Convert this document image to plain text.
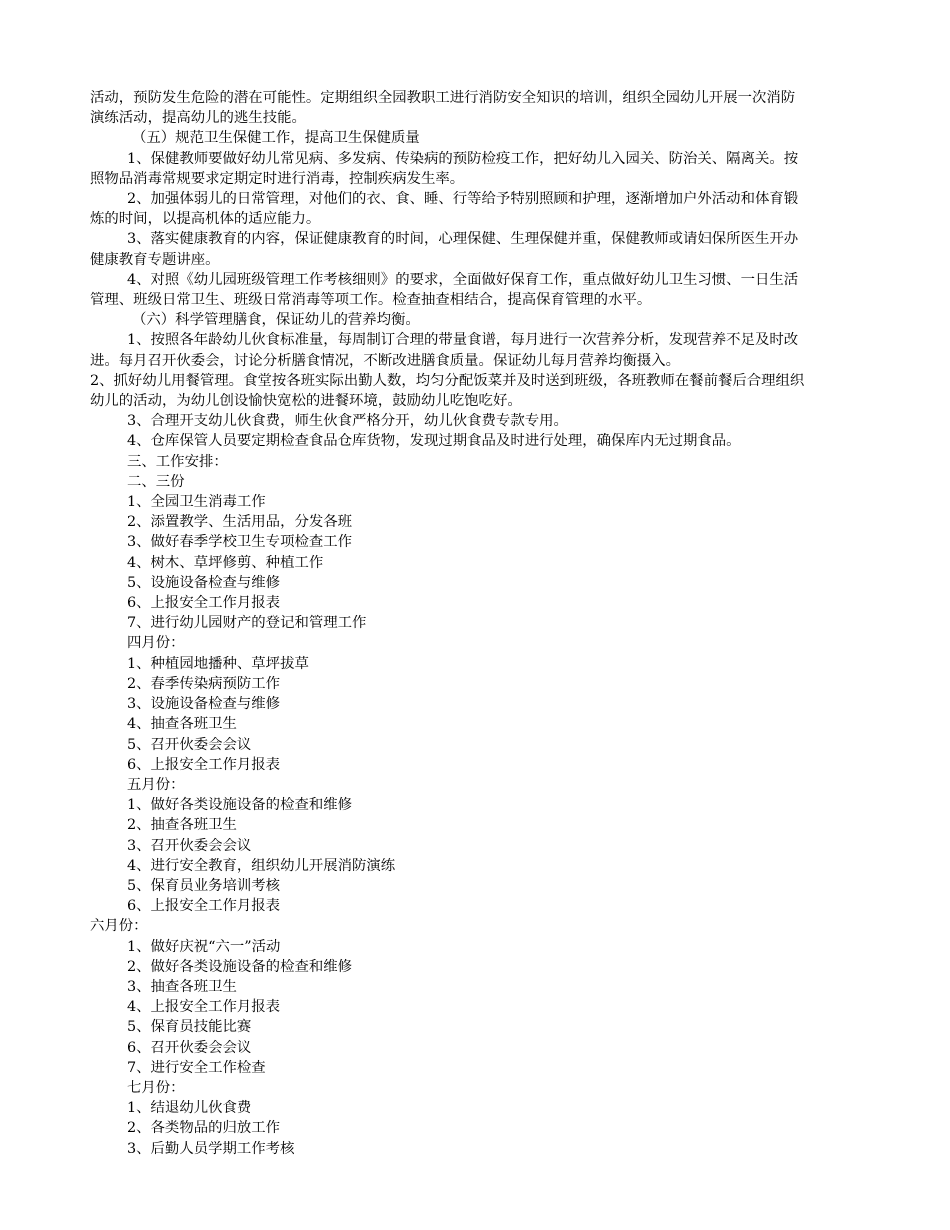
活动，预防发生危险的潜在可能性。定期组织全园教职工进行消防安全知识的培训，组织全园幼儿开展一次消防

演练活动，提高幼儿的逃生技能。

（五）规范卫生保健工作，提高卫生保健质量

1、保健教师要做好幼儿常见病、多发病、传染病的预防检疫工作，把好幼儿入园关、防治关、隔离关。按

照物品消毒常规要求定期定时进行消毒，控制疾病发生率。

2、加强体弱儿的日常管理，对他们的衣、食、睡、行等给予特别照顾和护理，逐渐增加户外活动和体育锻

炼的时间，以提高机体的适应能力。

3、落实健康教育的内容，保证健康教育的时间，心理保健、生理保健并重，保健教师或请妇保所医生开办

健康教育专题讲座。

4、对照《幼儿园班级管理工作考核细则》的要求，全面做好保育工作，重点做好幼儿卫生习惯、一日生活

管理、班级日常卫生、班级日常消毒等项工作。检查抽查相结合，提高保育管理的水平。

（六）科学管理膳食，保证幼儿的营养均衡。

1、按照各年龄幼儿伙食标准量，每周制订合理的带量食谱，每月进行一次营养分析，发现营养不足及时改

进。每月召开伙委会，讨论分析膳食情况，不断改进膳食质量。保证幼儿每月营养均衡摄入。

2、抓好幼儿用餐管理。食堂按各班实际出勤人数，均匀分配饭菜并及时送到班级，各班教师在餐前餐后合理组织

幼儿的活动，为幼儿创设愉快宽松的进餐环境，鼓励幼儿吃饱吃好。

3、合理开支幼儿伙食费，师生伙食严格分开，幼儿伙食费专款专用。

4、仓库保管人员要定期检查食品仓库货物，发现过期食品及时进行处理，确保库内无过期食品。

三、工作安排：

二、三份

1、全园卫生消毒工作

2、添置教学、生活用品，分发各班

3、做好春季学校卫生专项检查工作

4、树木、草坪修剪、种植工作

5、设施设备检查与维修

6、上报安全工作月报表

7、进行幼儿园财产的登记和管理工作

四月份：

1、种植园地播种、草坪拔草

2、春季传染病预防工作

3、设施设备检查与维修

4、抽查各班卫生

5、召开伙委会会议

6、上报安全工作月报表

五月份：

1、做好各类设施设备的检查和维修

2、抽查各班卫生

3、召开伙委会会议

4、进行安全教育，组织幼儿开展消防演练

5、保育员业务培训考核

6、上报安全工作月报表

六月份：

1、做好庆祝“六一”活动

2、做好各类设施设备的检查和维修

3、抽查各班卫生

4、上报安全工作月报表

5、保育员技能比赛

6、召开伙委会会议

7、进行安全工作检查

七月份：

1、结退幼儿伙食费

2、各类物品的归放工作

3、后勤人员学期工作考核
